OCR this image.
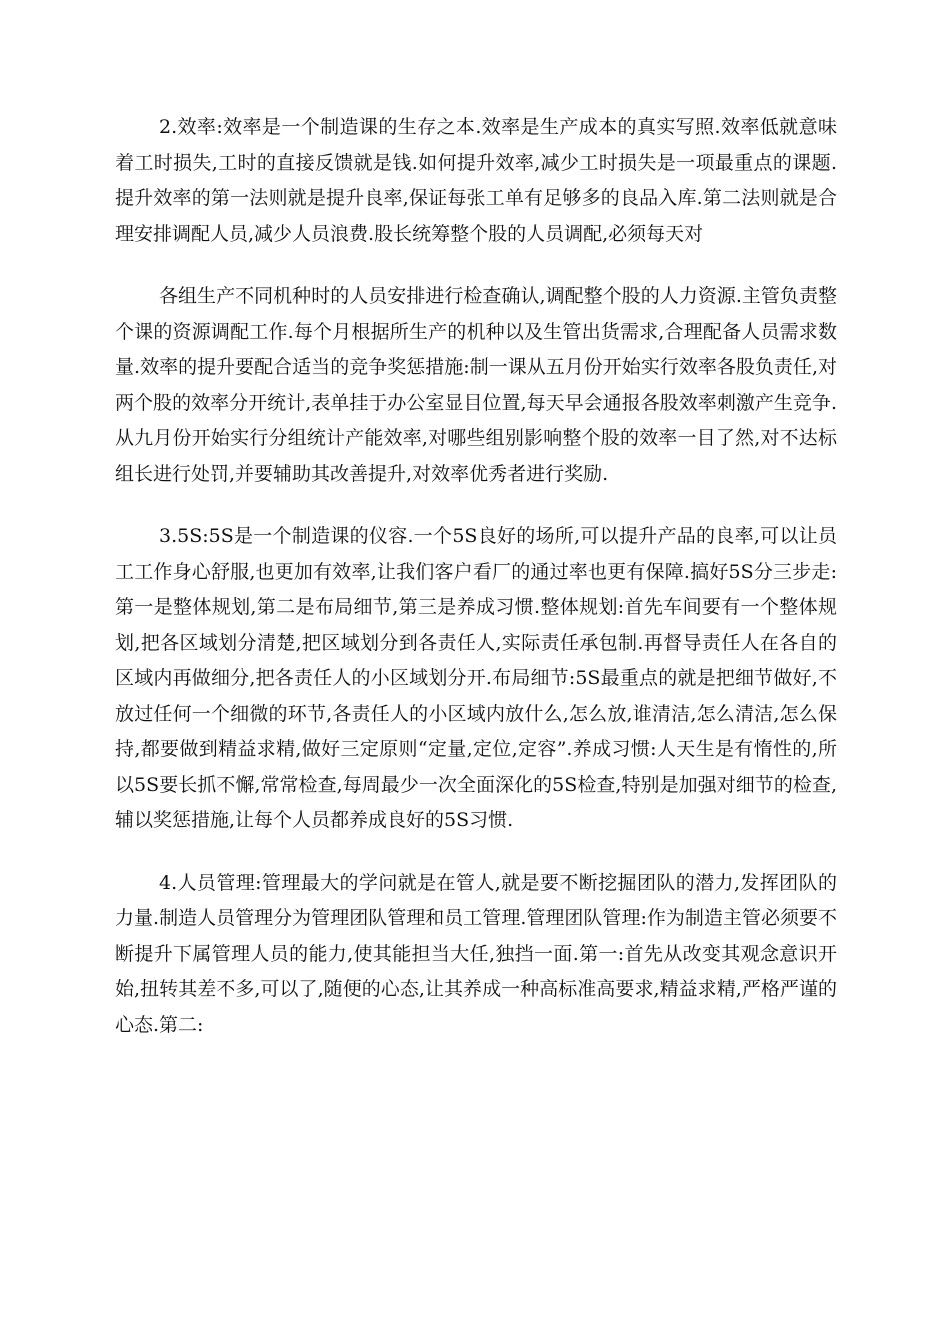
2.效率:效率是一个制造课的生存之本.效率是生产成本的真实写照.效率低就意味着工时损失,工时的直接反馈就是钱.如何提升效率,减少工时损失是一项最重点的课题.提升效率的第一法则就是提升良率,保证每张工单有足够多的良品入库.第二法则就是合理安排调配人员,减少人员浪费.股长统筹整个股的人员调配,必须每天对

各组生产不同机种时的人员安排进行检查确认,调配整个股的人力资源.主管负责整个课的资源调配工作.每个月根据所生产的机种以及生管出货需求,合理配备人员需求数量.效率的提升要配合适当的竞争奖惩措施:制一课从五月份开始实行效率各股负责任,对两个股的效率分开统计,表单挂于办公室显目位置,每天早会通报各股效率刺激产生竞争.从九月份开始实行分组统计产能效率,对哪些组别影响整个股的效率一目了然,对不达标组长进行处罚,并要辅助其改善提升,对效率优秀者进行奖励.

3.5S:5S是一个制造课的仪容.一个5S良好的场所,可以提升产品的良率,可以让员工工作身心舒服,也更加有效率,让我们客户看厂的通过率也更有保障.搞好5S分三步走:第一是整体规划,第二是布局细节,第三是养成习惯.整体规划:首先车间要有一个整体规划,把各区域划分清楚,把区域划分到各责任人,实际责任承包制.再督导责任人在各自的区域内再做细分,把各责任人的小区域划分开.布局细节:5S最重点的就是把细节做好,不放过任何一个细微的环节,各责任人的小区域内放什么,怎么放,谁清洁,怎么清洁,怎么保持,都要做到精益求精,做好三定原则“定量,定位,定容”.养成习惯:人天生是有惰性的,所以5S要长抓不懈,常常检查,每周最少一次全面深化的5S检查,特别是加强对细节的检查,辅以奖惩措施,让每个人员都养成良好的5S习惯.

4.人员管理:管理最大的学问就是在管人,就是要不断挖掘团队的潜力,发挥团队的力量.制造人员管理分为管理团队管理和员工管理.管理团队管理:作为制造主管必须要不断提升下属管理人员的能力,使其能担当大任,独挡一面.第一:首先从改变其观念意识开始,扭转其差不多,可以了,随便的心态,让其养成一种高标准高要求,精益求精,严格严谨的心态.第二:
